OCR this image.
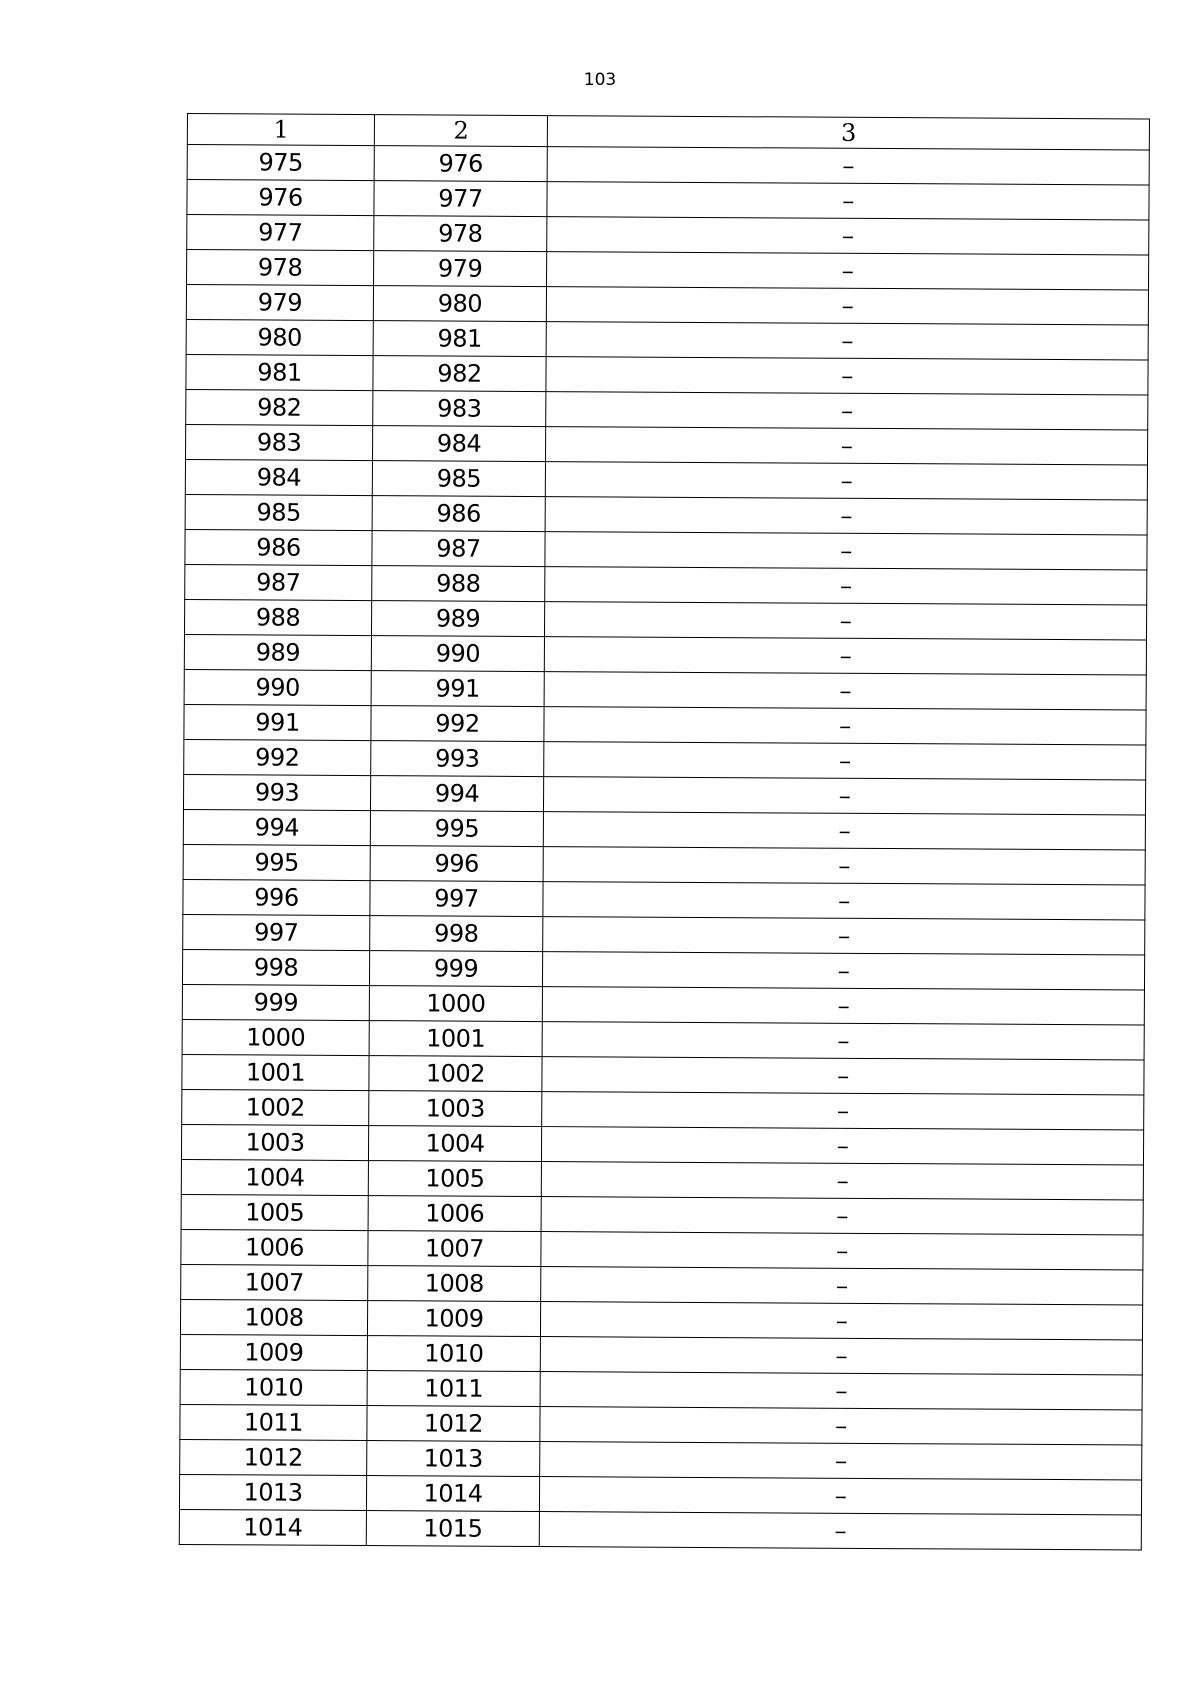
103
1	2	3
975	976	–
976	977	–
977	978	–
978	979	–
979	980	–
980	981	–
981	982	–
982	983	–
983	984	–
984	985	–
985	986	–
986	987	–
987	988	–
988	989	–
989	990	–
990	991	–
991	992	–
992	993	–
993	994	–
994	995	–
995	996	–
996	997	–
997	998	–
998	999	–
999	1000	–
1000	1001	–
1001	1002	–
1002	1003	–
1003	1004	–
1004	1005	–
1005	1006	–
1006	1007	–
1007	1008	–
1008	1009	–
1009	1010	–
1010	1011	–
1011	1012	–
1012	1013	–
1013	1014	–
1014	1015	–
